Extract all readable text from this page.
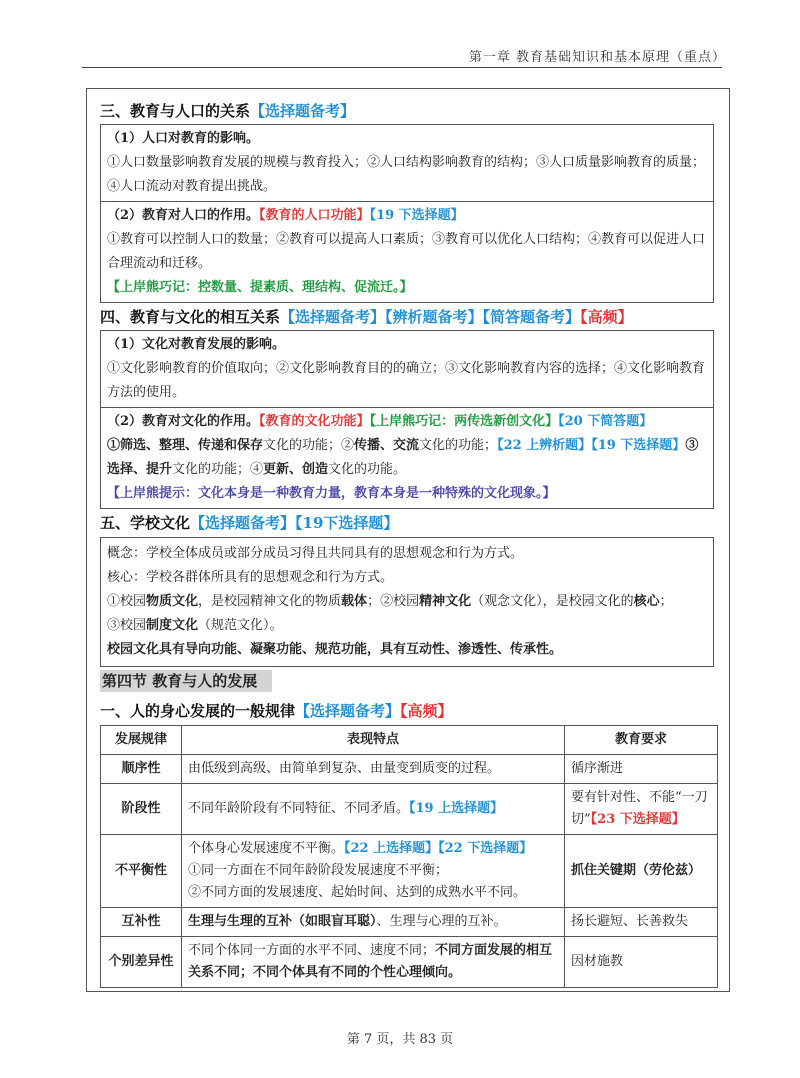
第一章 教育基础知识和基本原理（重点）
三、教育与人口的关系【选择题备考】
（1）人口对教育的影响。
①人口数量影响教育发展的规模与教育投入；②人口结构影响教育的结构；③人口质量影响教育的质量；④人口流动对教育提出挑战。
（2）教育对人口的作用。【教育的人口功能】【19 下选择题】
①教育可以控制人口的数量；②教育可以提高人口素质；③教育可以优化人口结构；④教育可以促进人口合理流动和迁移。
【上岸熊巧记：控数量、提素质、理结构、促流迁。】
四、教育与文化的相互关系【选择题备考】【辨析题备考】【简答题备考】【高频】
（1）文化对教育发展的影响。
①文化影响教育的价值取向；②文化影响教育目的的确立；③文化影响教育内容的选择；④文化影响教育方法的使用。
（2）教育对文化的作用。【教育的文化功能】【上岸熊巧记：两传选新创文化】【20 下简答题】
①筛选、整理、传递和保存文化的功能；②传播、交流文化的功能；【22 上辨析题】【19 下选择题】③选择、提升文化的功能；④更新、创造文化的功能。
【上岸熊提示：文化本身是一种教育力量，教育本身是一种特殊的文化现象。】
五、学校文化【选择题备考】【19下选择题】
概念：学校全体成员或部分成员习得且共同具有的思想观念和行为方式。
核心：学校各群体所具有的思想观念和行为方式。
①校园物质文化，是校园精神文化的物质载体；②校园精神文化（观念文化），是校园文化的核心；
③校园制度文化（规范文化）。
校园文化具有导向功能、凝聚功能、规范功能，具有互动性、渗透性、传承性。
第四节 教育与人的发展
一、人的身心发展的一般规律【选择题备考】【高频】
发展规律	表现特点	教育要求
顺序性	由低级到高级、由简单到复杂、由量变到质变的过程。	循序渐进
阶段性	不同年龄阶段有不同特征、不同矛盾。【19 上选择题】	要有针对性、不能“一刀切”【23 下选择题】
不平衡性	个体身心发展速度不平衡。【22 上选择题】【22 下选择题】
①同一方面在不同年龄阶段发展速度不平衡；
②不同方面的发展速度、起始时间、达到的成熟水平不同。	抓住关键期（劳伦兹）
互补性	生理与生理的互补（如眼盲耳聪）、生理与心理的互补。	扬长避短、长善救失
个别差异性	不同个体同一方面的水平不同、速度不同；不同方面发展的相互关系不同；不同个体具有不同的个性心理倾向。	因材施教
第 7 页，共 83 页
